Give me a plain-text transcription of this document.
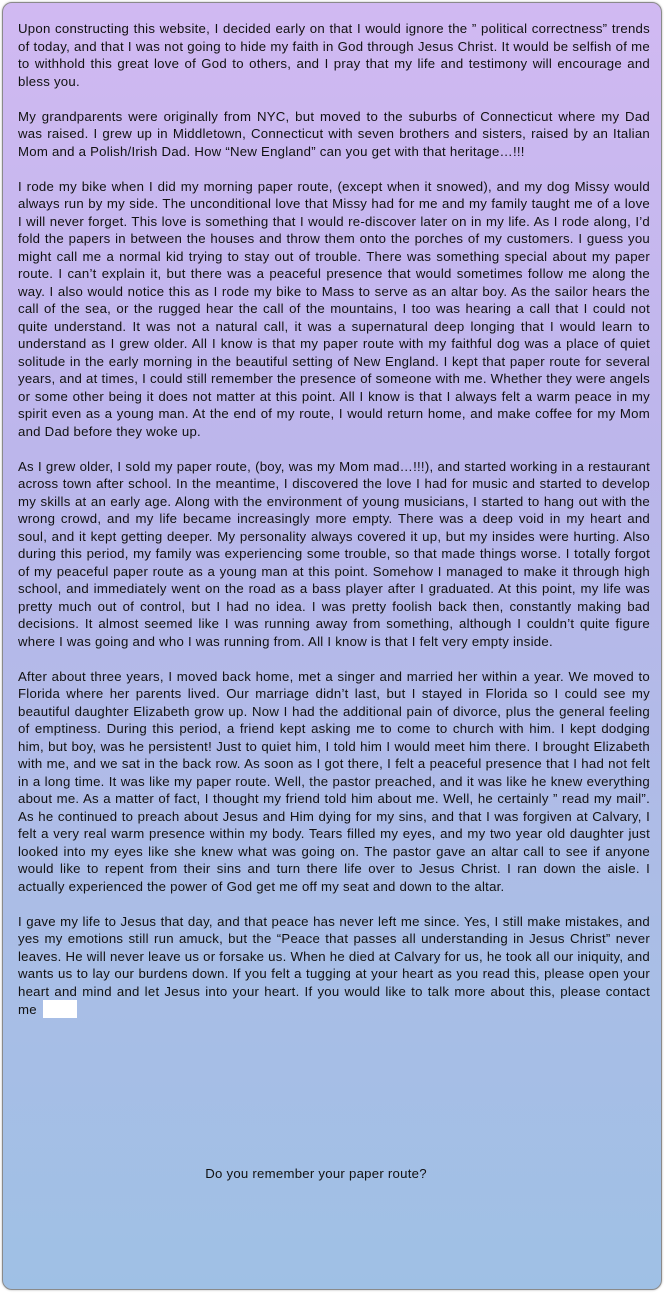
Upon constructing this website, I decided early on that I would ignore the ” political correctness” trends of today, and that I was not going to hide my faith in God through Jesus Christ. It would be selfish of me to withhold this great love of God to others, and I pray that my life and testimony will encourage and bless you.

My grandparents were originally from NYC, but moved to the suburbs of Connecticut where my Dad was raised. I grew up in Middletown, Connecticut with seven brothers and sisters, raised by an Italian Mom and a Polish/Irish Dad. How “New England” can you get with that heritage…!!!

I rode my bike when I did my morning paper route, (except when it snowed), and my dog Missy would always run by my side. The unconditional love that Missy had for me and my family taught me of a love I will never forget. This love is something that I would re-discover later on in my life. As I rode along, I’d fold the papers in between the houses and throw them onto the porches of my customers. I guess you might call me a normal kid trying to stay out of trouble. There was something special about my paper route. I can’t explain it, but there was a peaceful presence that would sometimes follow me along the way. I also would notice this as I rode my bike to Mass to serve as an altar boy. As the sailor hears the call of the sea, or the rugged hear the call of the mountains, I too was hearing a call that I could not quite understand. It was not a natural call, it was a supernatural deep longing that I would learn to understand as I grew older. All I know is that my paper route with my faithful dog was a place of quiet solitude in the early morning in the beautiful setting of New England. I kept that paper route for several years, and at times, I could still remember the presence of someone with me. Whether they were angels or some other being it does not matter at this point. All I know is that I always felt a warm peace in my spirit even as a young man. At the end of my route, I would return home, and make coffee for my Mom and Dad before they woke up.

As I grew older, I sold my paper route, (boy, was my Mom mad…!!!), and started working in a restaurant across town after school. In the meantime, I discovered the love I had for music and started to develop my skills at an early age. Along with the environment of young musicians, I started to hang out with the wrong crowd, and my life became increasingly more empty. There was a deep void in my heart and soul, and it kept getting deeper. My personality always covered it up, but my insides were hurting. Also during this period, my family was experiencing some trouble, so that made things worse. I totally forgot of my peaceful paper route as a young man at this point. Somehow I managed to make it through high school, and immediately went on the road as a bass player after I graduated. At this point, my life was pretty much out of control, but I had no idea. I was pretty foolish back then, constantly making bad decisions. It almost seemed like I was running away from something, although I couldn’t quite figure where I was going and who I was running from. All I know is that I felt very empty inside.

After about three years, I moved back home, met a singer and married her within a year. We moved to Florida where her parents lived. Our marriage didn’t last, but I stayed in Florida so I could see my beautiful daughter Elizabeth grow up. Now I had the additional pain of divorce, plus the general feeling of emptiness. During this period, a friend kept asking me to come to church with him. I kept dodging him, but boy, was he persistent! Just to quiet him, I told him I would meet him there. I brought Elizabeth with me, and we sat in the back row. As soon as I got there, I felt a peaceful presence that I had not felt in a long time. It was like my paper route. Well, the pastor preached, and it was like he knew everything about me. As a matter of fact, I thought my friend told him about me. Well, he certainly ” read my mail”. As he continued to preach about Jesus and Him dying for my sins, and that I was forgiven at Calvary, I felt a very real warm presence within my body. Tears filled my eyes, and my two year old daughter just looked into my eyes like she knew what was going on. The pastor gave an altar call to see if anyone would like to repent from their sins and turn there life over to Jesus Christ. I ran down the aisle. I actually experienced the power of God get me off my seat and down to the altar.

I gave my life to Jesus that day, and that peace has never left me since. Yes, I still make mistakes, and yes my emotions still run amuck, but the “Peace that passes all understanding in Jesus Christ” never leaves. He will never leave us or forsake us. When he died at Calvary for us, he took all our iniquity, and wants us to lay our burdens down. If you felt a tugging at your heart as you read this, please open your heart and mind and let Jesus into your heart. If you would like to talk more about this, please contact me

Do you remember your paper route?
